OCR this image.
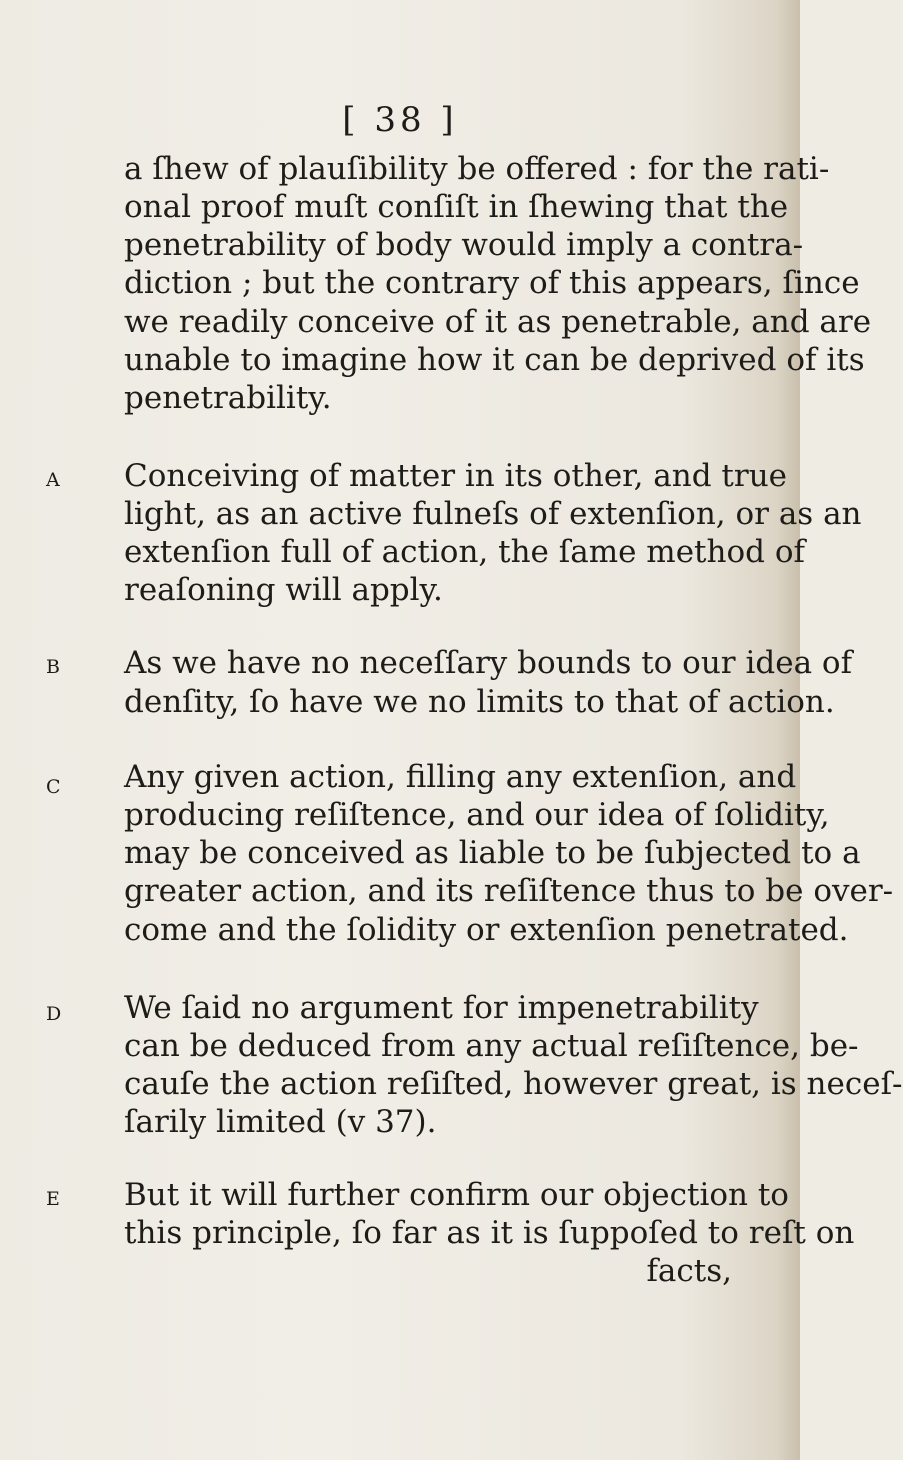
[ 38 ]
a ſhew of plauſibility be offered : for the rati-
onal proof muſt conſiſt in ſhewing that the
penetrability of body would imply a contra-
diction ; but the contrary of this appears, ſince
we readily conceive of it as penetrable, and are
unable to imagine how it can be deprived of its
penetrability.
A Conceiving of matter in its other, and true
light, as an active fulneſs of extenſion, or as an
extenſion full of action, the ſame method of
reaſoning will apply.
B As we have no neceſſary bounds to our idea of
denſity, ſo have we no limits to that of action.
C Any given action, filling any extenſion, and
producing reſiſtence, and our idea of ſolidity,
may be conceived as liable to be ſubjected to a
greater action, and its reſiſtence thus to be over-
come and the ſolidity or extenſion penetrated.
D We ſaid no argument for impenetrability
can be deduced from any actual reſiſtence, be-
cauſe the action reſiſted, however great, is neceſ-
ſarily limited (v 37).
E But it will further confirm our objection to
this principle, ſo far as it is ſuppoſed to reſt on
facts,
